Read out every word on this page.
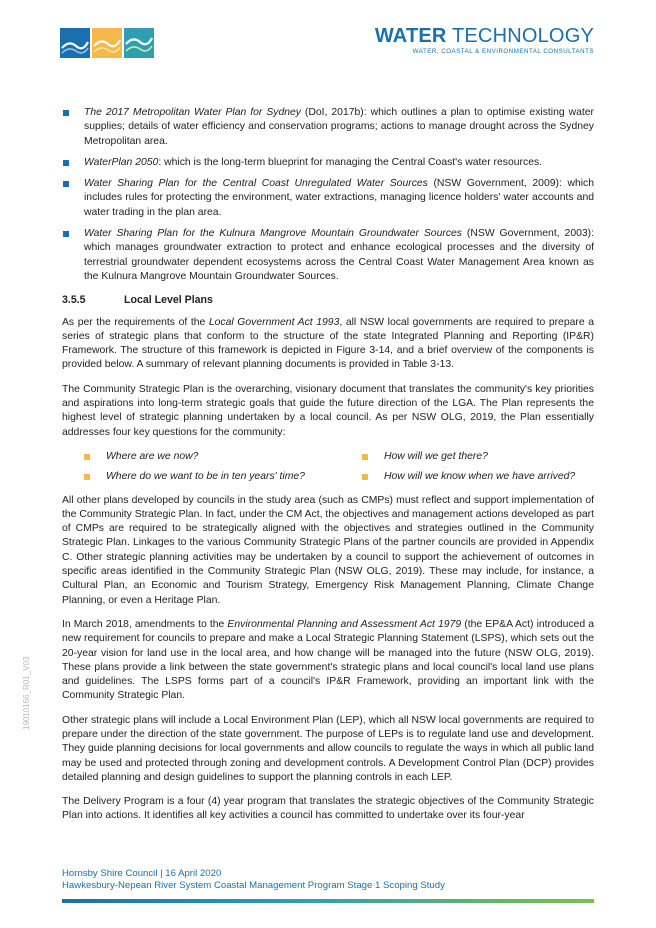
WATER TECHNOLOGY
WATER, COASTAL & ENVIRONMENTAL CONSULTANTS
The 2017 Metropolitan Water Plan for Sydney (DoI, 2017b): which outlines a plan to optimise existing water supplies; details of water efficiency and conservation programs; actions to manage drought across the Sydney Metropolitan area.
WaterPlan 2050: which is the long-term blueprint for managing the Central Coast's water resources.
Water Sharing Plan for the Central Coast Unregulated Water Sources (NSW Government, 2009): which includes rules for protecting the environment, water extractions, managing licence holders' water accounts and water trading in the plan area.
Water Sharing Plan for the Kulnura Mangrove Mountain Groundwater Sources (NSW Government, 2003): which manages groundwater extraction to protect and enhance ecological processes and the diversity of terrestrial groundwater dependent ecosystems across the Central Coast Water Management Area known as the Kulnura Mangrove Mountain Groundwater Sources.
3.5.5	Local Level Plans

As per the requirements of the Local Government Act 1993, all NSW local governments are required to prepare a series of strategic plans that conform to the structure of the state Integrated Planning and Reporting (IP&R) Framework. The structure of this framework is depicted in Figure 3-14, and a brief overview of the components is provided below. A summary of relevant planning documents is provided in Table 3-13.

The Community Strategic Plan is the overarching, visionary document that translates the community's key priorities and aspirations into long-term strategic goals that guide the future direction of the LGA. The Plan represents the highest level of strategic planning undertaken by a local council. As per NSW OLG, 2019, the Plan essentially addresses four key questions for the community:

Where are we now?	How will we get there?
Where do we want to be in ten years' time?	How will we know when we have arrived?

All other plans developed by councils in the study area (such as CMPs) must reflect and support implementation of the Community Strategic Plan. In fact, under the CM Act, the objectives and management actions developed as part of CMPs are required to be strategically aligned with the objectives and strategies outlined in the Community Strategic Plan. Linkages to the various Community Strategic Plans of the partner councils are provided in Appendix C. Other strategic planning activities may be undertaken by a council to support the achievement of outcomes in specific areas identified in the Community Strategic Plan (NSW OLG, 2019). These may include, for instance, a Cultural Plan, an Economic and Tourism Strategy, Emergency Risk Management Planning, Climate Change Planning, or even a Heritage Plan.

In March 2018, amendments to the Environmental Planning and Assessment Act 1979 (the EP&A Act) introduced a new requirement for councils to prepare and make a Local Strategic Planning Statement (LSPS), which sets out the 20-year vision for land use in the local area, and how change will be managed into the future (NSW OLG, 2019). These plans provide a link between the state government's strategic plans and local council's local land use plans and guidelines. The LSPS forms part of a council's IP&R Framework, providing an important link with the Community Strategic Plan.

Other strategic plans will include a Local Environment Plan (LEP), which all NSW local governments are required to prepare under the direction of the state government. The purpose of LEPs is to regulate land use and development. They guide planning decisions for local governments and allow councils to regulate the ways in which all public land may be used and protected through zoning and development controls. A Development Control Plan (DCP) provides detailed planning and design guidelines to support the planning controls in each LEP.

The Delivery Program is a four (4) year program that translates the strategic objectives of the Community Strategic Plan into actions. It identifies all key activities a council has committed to undertake over its four-year

19010166_R01_V03
Hornsby Shire Council | 16 April 2020
Hawkesbury-Nepean River System Coastal Management Program Stage 1 Scoping Study
